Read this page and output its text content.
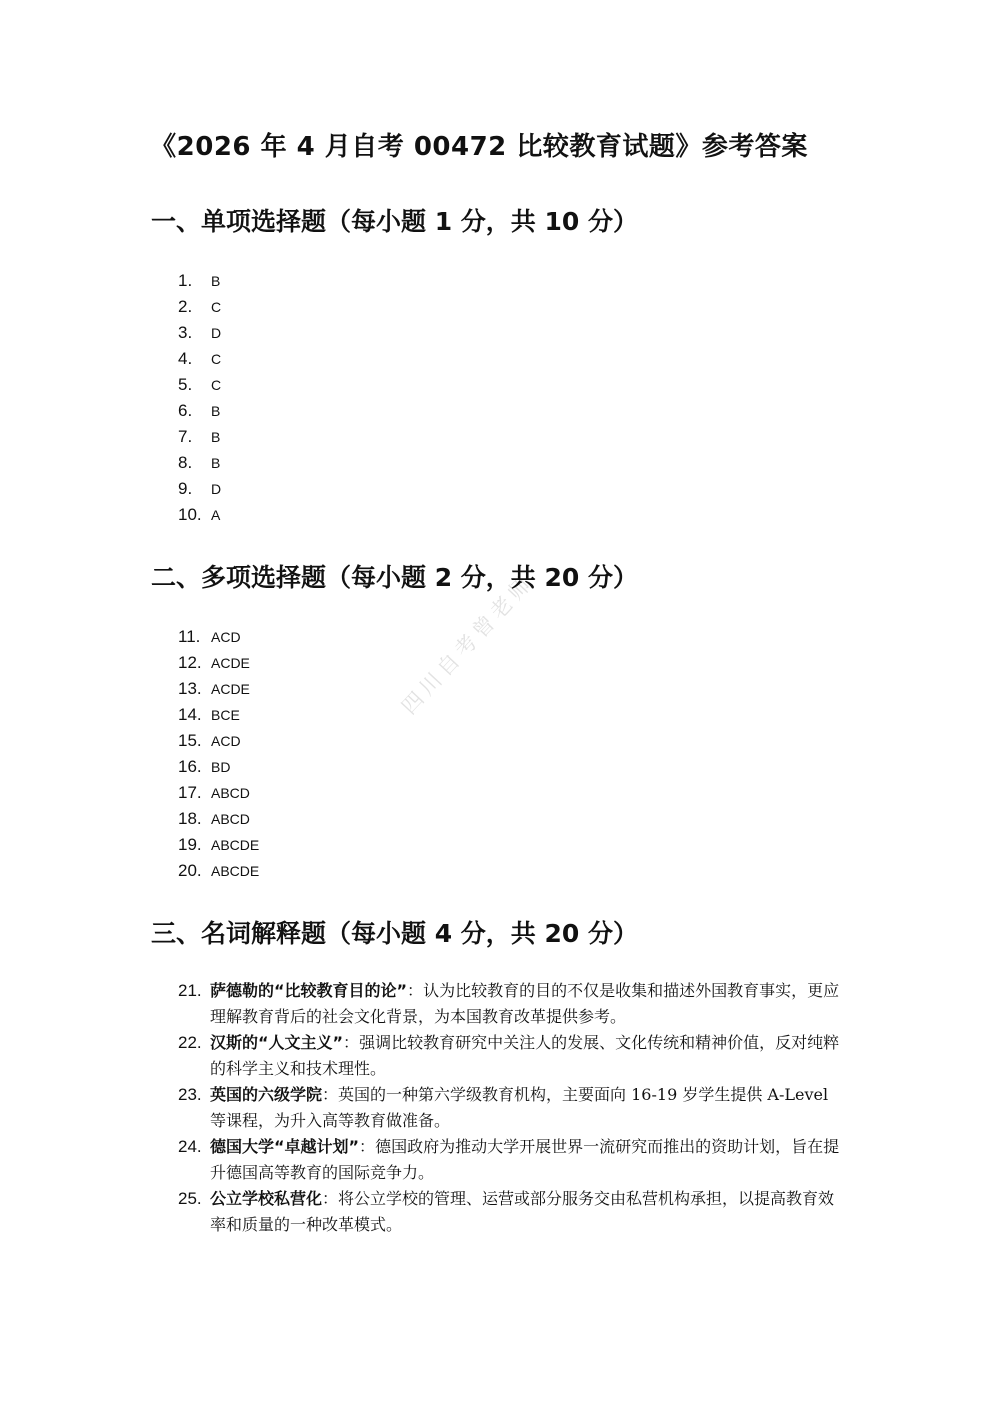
《2026 年 4 月自考 00472 比较教育试题》参考答案
四川自考曾老师
一、单项选择题（每小题 1 分，共 10 分）
1. B
2. C
3. D
4. C
5. C
6. B
7. B
8. B
9. D
10. A
二、多项选择题（每小题 2 分，共 20 分）
11. ACD
12. ACDE
13. ACDE
14. BCE
15. ACD
16. BD
17. ABCD
18. ABCD
19. ABCDE
20. ABCDE
三、名词解释题（每小题 4 分，共 20 分）
21. 萨德勒的“比较教育目的论”：认为比较教育的目的不仅是收集和描述外国教育事实，更应理解教育背后的社会文化背景，为本国教育改革提供参考。
22. 汉斯的“人文主义”：强调比较教育研究中关注人的发展、文化传统和精神价值，反对纯粹的科学主义和技术理性。
23. 英国的六级学院：英国的一种第六学级教育机构，主要面向 16-19 岁学生提供 A-Level 等课程，为升入高等教育做准备。
24. 德国大学“卓越计划”：德国政府为推动大学开展世界一流研究而推出的资助计划，旨在提升德国高等教育的国际竞争力。
25. 公立学校私营化：将公立学校的管理、运营或部分服务交由私营机构承担，以提高教育效率和质量的一种改革模式。
